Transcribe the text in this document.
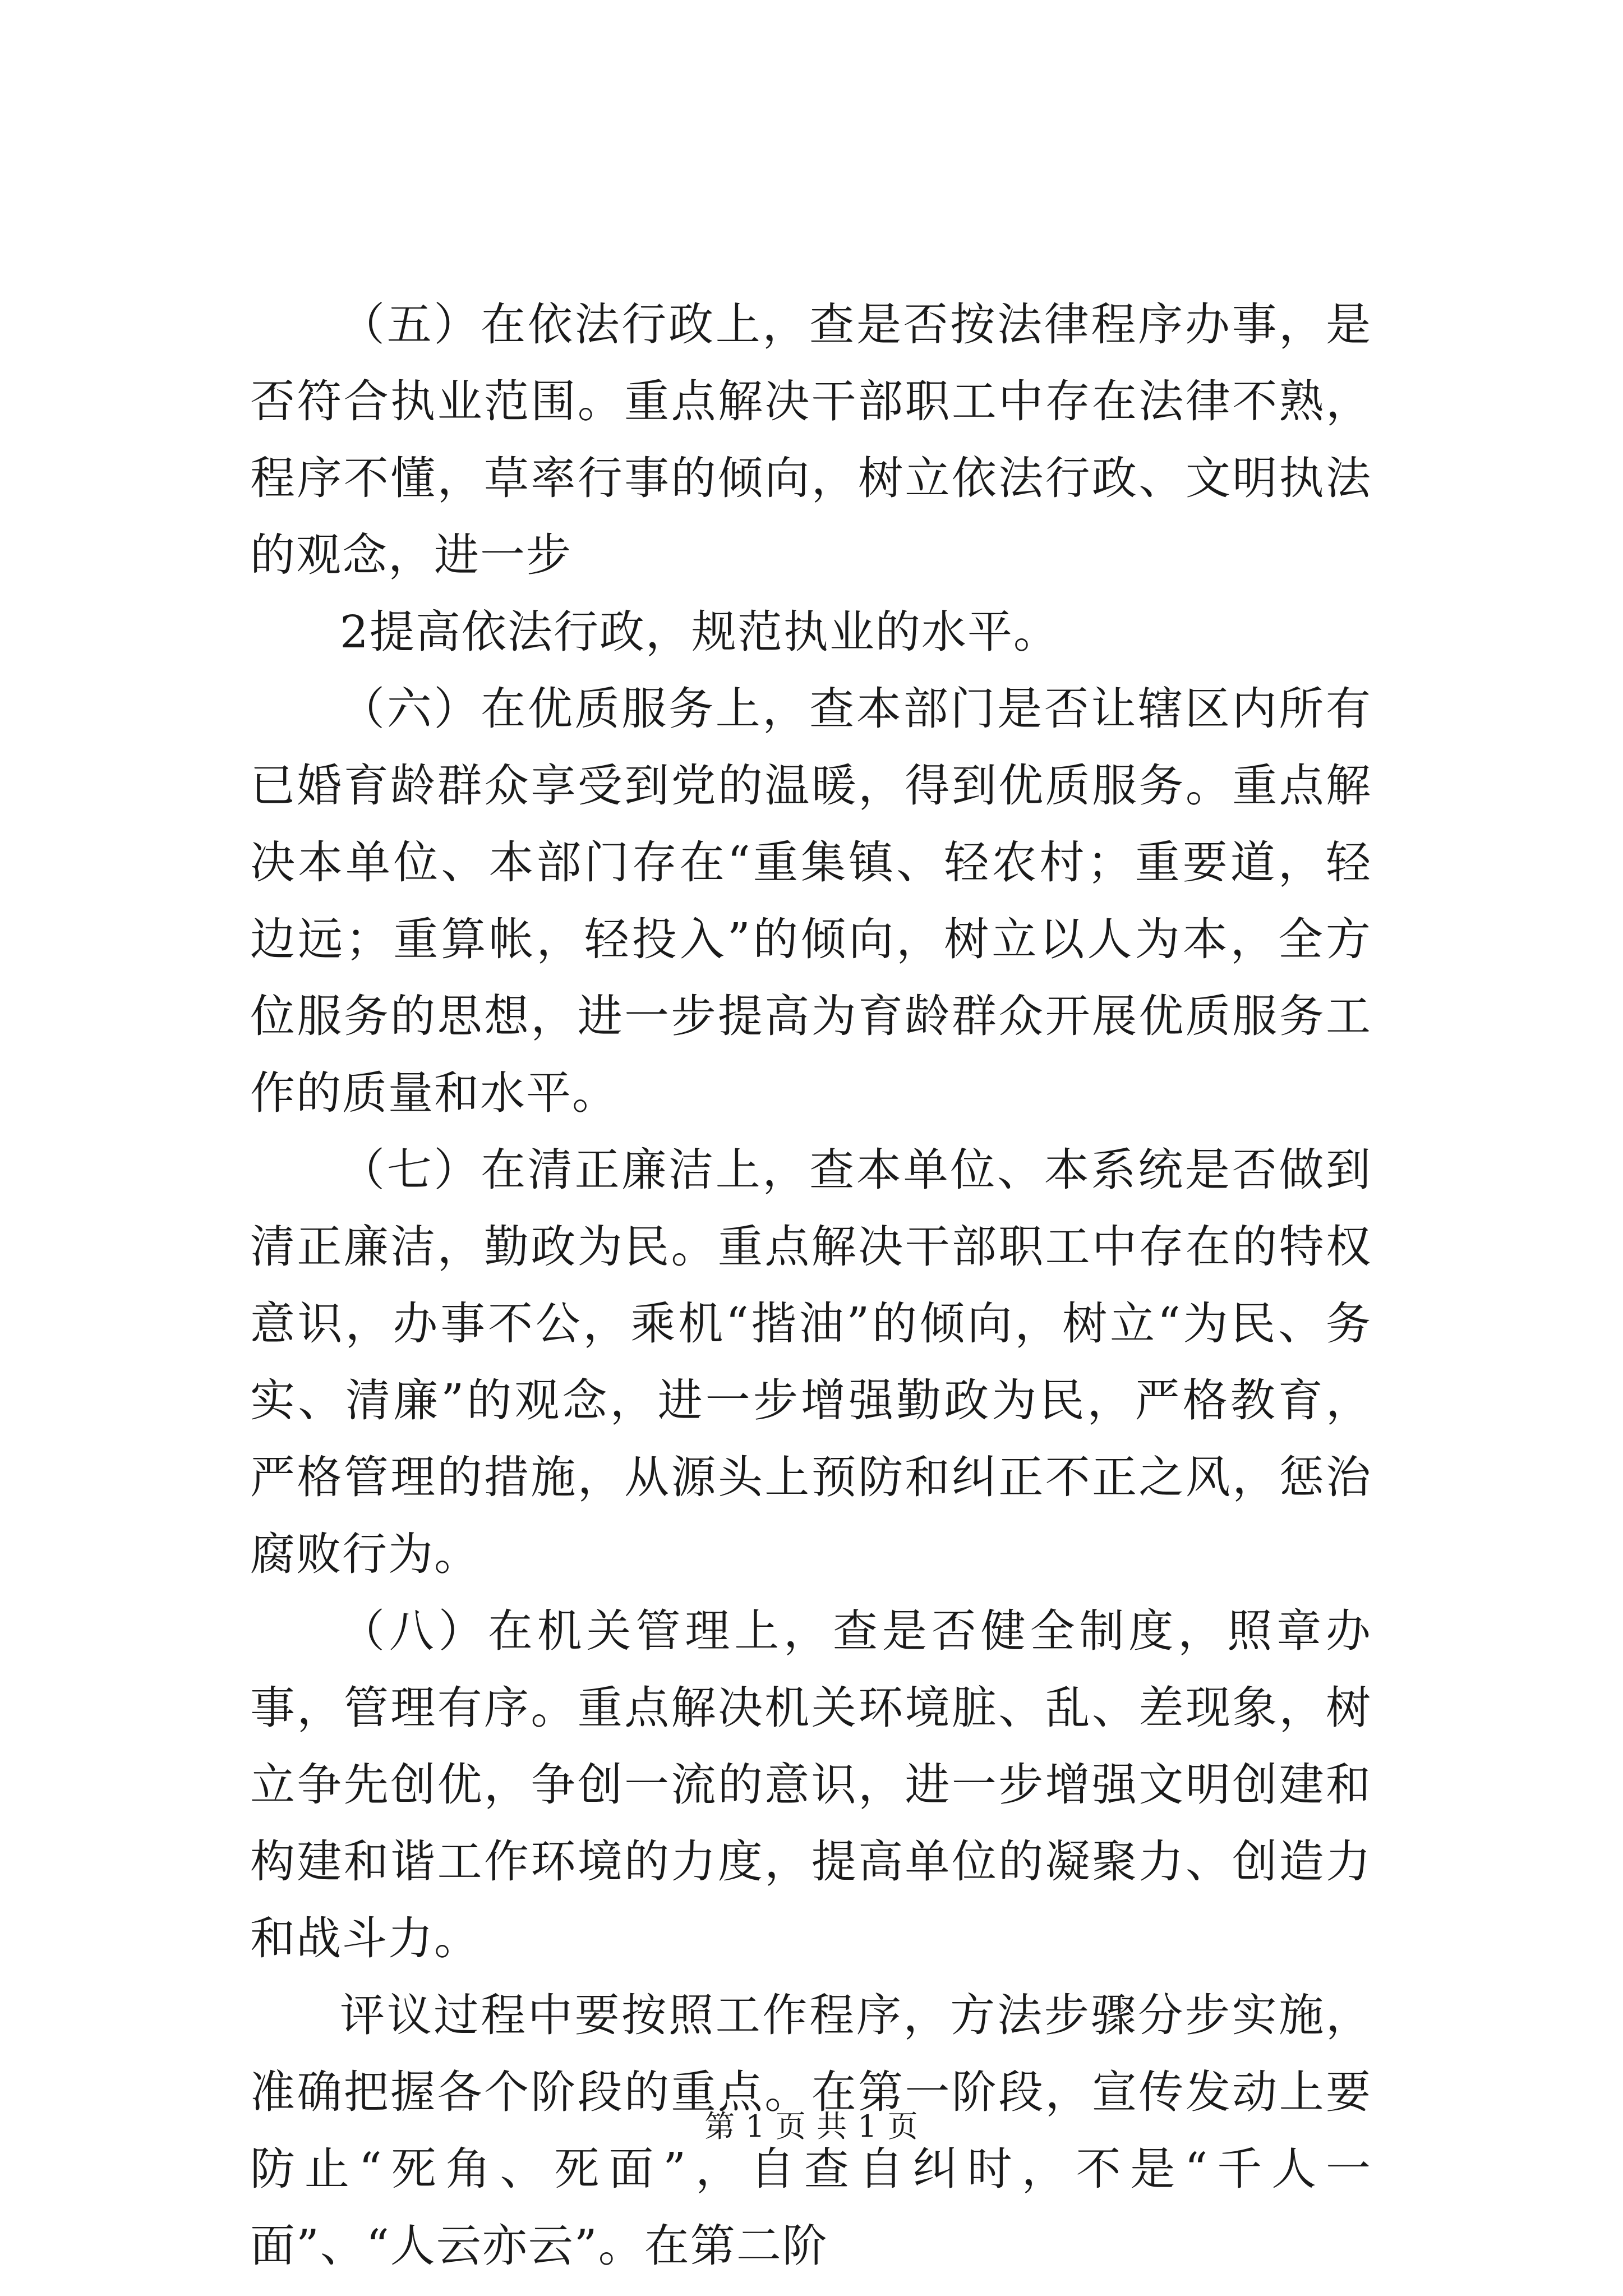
（五）在依法行政上，查是否按法律程序办事，是否符合执业范围。重点解决干部职工中存在法律不熟，程序不懂，草率行事的倾向，树立依法行政、文明执法的观念，进一步

2提高依法行政，规范执业的水平。

（六）在优质服务上，查本部门是否让辖区内所有已婚育龄群众享受到党的温暖，得到优质服务。重点解决本单位、本部门存在“重集镇、轻农村；重要道，轻边远；重算帐，轻投入”的倾向，树立以人为本，全方位服务的思想，进一步提高为育龄群众开展优质服务工作的质量和水平。

（七）在清正廉洁上，查本单位、本系统是否做到清正廉洁，勤政为民。重点解决干部职工中存在的特权意识，办事不公，乘机“揩油”的倾向，树立“为民、务实、清廉”的观念，进一步增强勤政为民，严格教育，严格管理的措施，从源头上预防和纠正不正之风，惩治腐败行为。

（八）在机关管理上，查是否健全制度，照章办事，管理有序。重点解决机关环境脏、乱、差现象，树立争先创优，争创一流的意识，进一步增强文明创建和构建和谐工作环境的力度，提高单位的凝聚力、创造力和战斗力。

评议过程中要按照工作程序，方法步骤分步实施，准确把握各个阶段的重点。在第一阶段，宣传发动上要防止“死角、死面”，自查自纠时，不是“千人一面”、“人云亦云”。在第二阶

第 1 页 共 1 页
